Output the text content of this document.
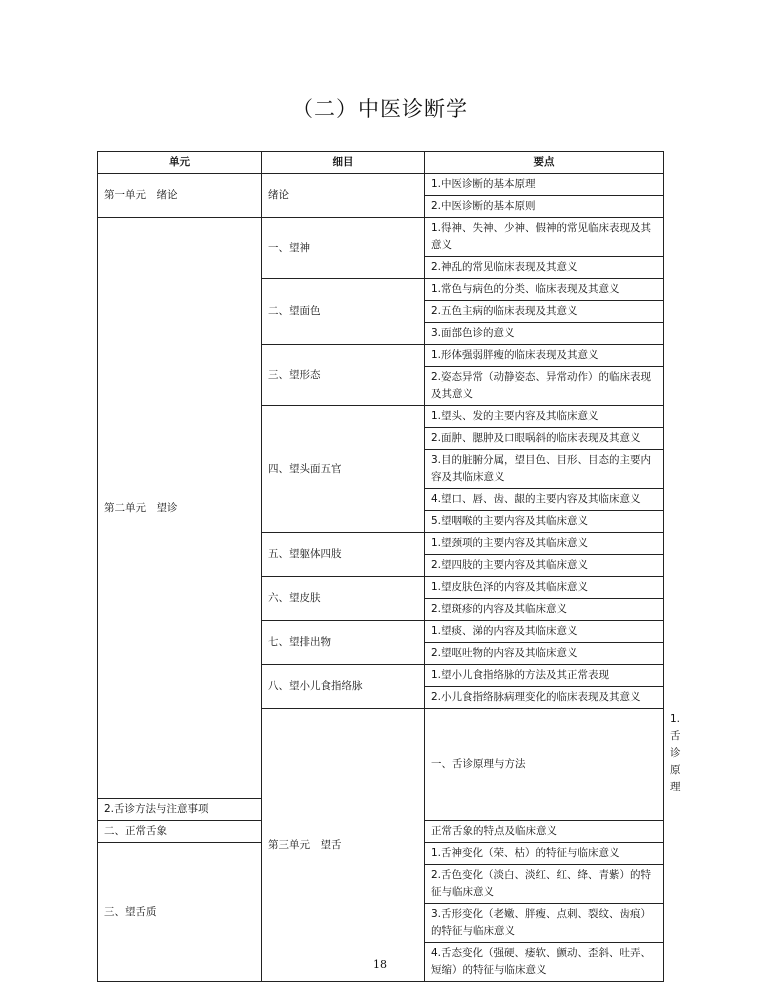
（二）中医诊断学
单元	细目	要点	
第一单元　绪论	绪论	1.中医诊断的基本原理	
		2.中医诊断的基本原则	
第二单元　望诊	一、望神	1.得神、失神、少神、假神的常见临床表现及其意义	
		2.神乱的常见临床表现及其意义	
	二、望面色	1.常色与病色的分类、临床表现及其意义	
		2.五色主病的临床表现及其意义	
		3.面部色诊的意义	
	三、望形态	1.形体强弱胖瘦的临床表现及其意义	
		2.姿态异常（动静姿态、异常动作）的临床表现及其意义	
	四、望头面五官	1.望头、发的主要内容及其临床意义	
		2.面肿、腮肿及口眼㖞斜的临床表现及其意义	
		3.目的脏腑分属，望目色、目形、目态的主要内容及其临床意义	
		4.望口、唇、齿、龈的主要内容及其临床意义	
		5.望咽喉的主要内容及其临床意义	
	五、望躯体四肢	1.望颈项的主要内容及其临床意义	
		2.望四肢的主要内容及其临床意义	
	六、望皮肤	1.望皮肤色泽的内容及其临床意义	
		2.望斑疹的内容及其临床意义	
	七、望排出物	1.望痰、涕的内容及其临床意义	
		2.望呕吐物的内容及其临床意义	
	八、望小儿食指络脉	1.望小儿食指络脉的方法及其正常表现	
		2.小儿食指络脉病理变化的临床表现及其意义	
	第三单元　望舌	一、舌诊原理与方法	1.舌诊原理
2.舌诊方法与注意事项			
二、正常舌象		正常舌象的特点及临床意义	
三、望舌质		1.舌神变化（荣、枯）的特征与临床意义	
		2.舌色变化（淡白、淡红、红、绛、青紫）的特征与临床意义	
		3.舌形变化（老嫩、胖瘦、点刺、裂纹、齿痕）的特征与临床意义	
		4.舌态变化（强硬、痿软、颤动、歪斜、吐弄、短缩）的特征与临床意义	
18
